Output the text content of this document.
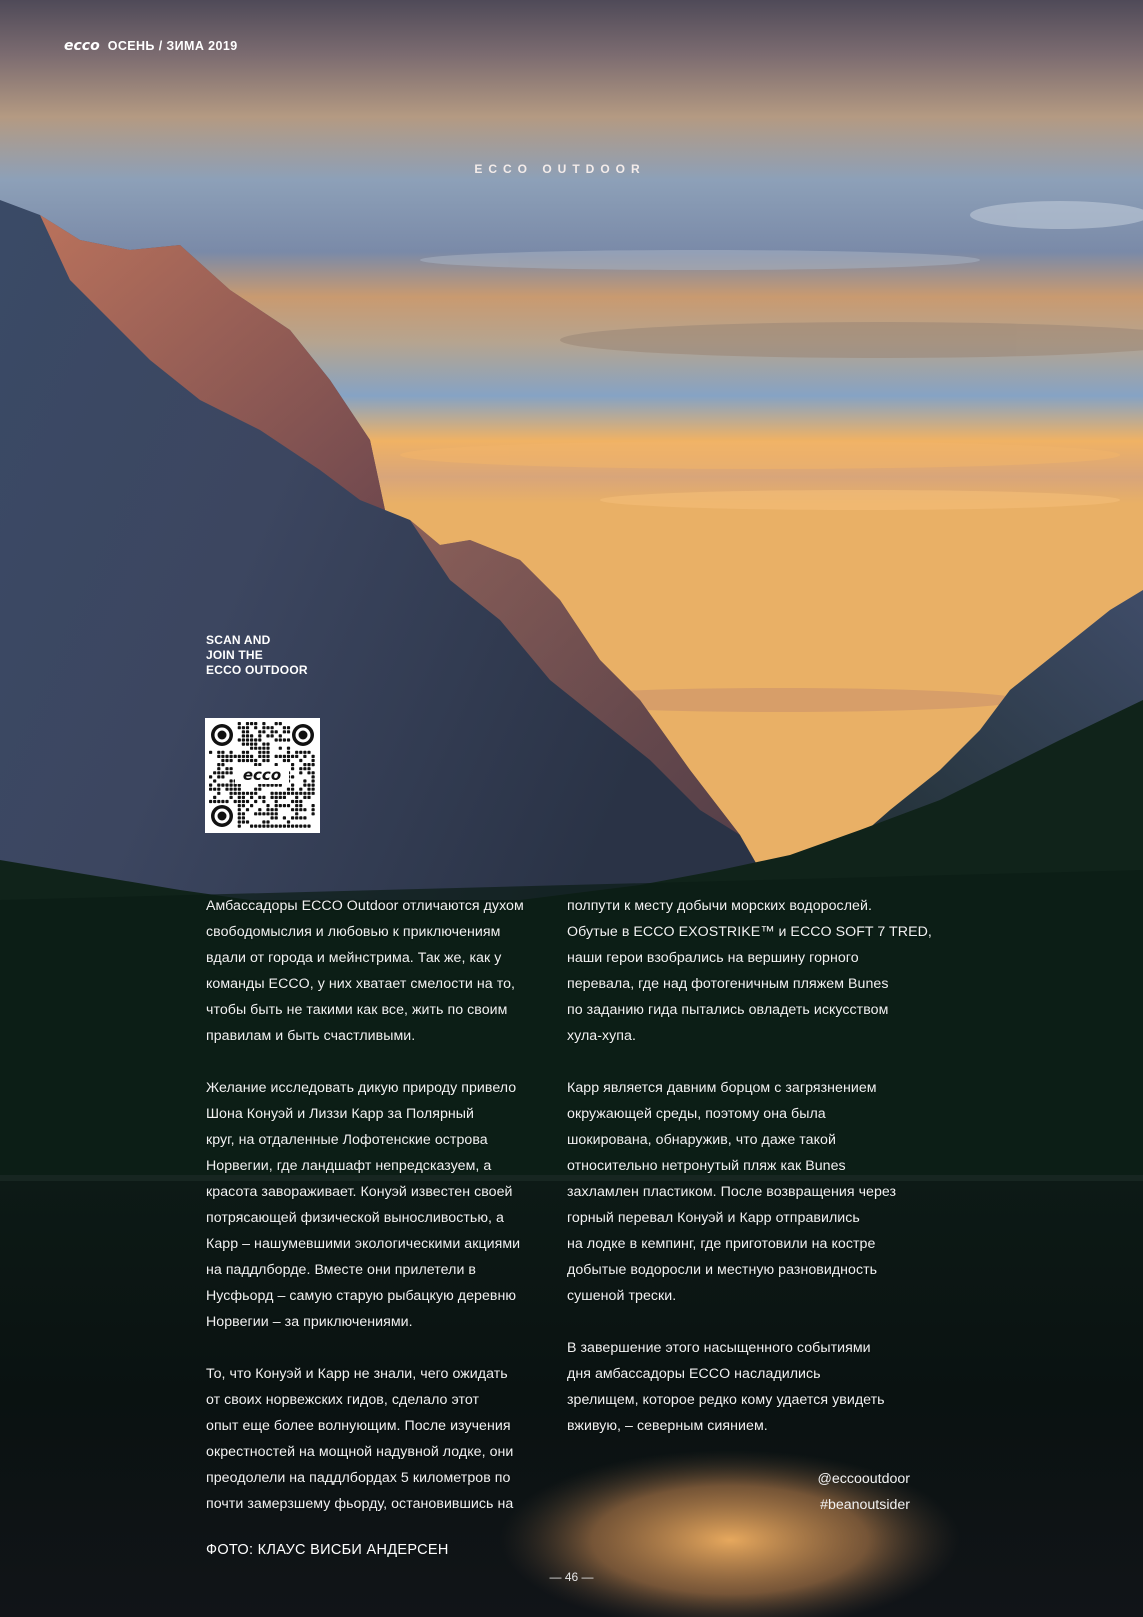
ecco ОСЕНЬ / ЗИМА 2019
ECCO OUTDOOR
SCAN AND
JOIN THE
ECCO OUTDOOR
ecco

Амбассадоры ECCO Outdoor отличаются духом
свободомыслия и любовью к приключениям
вдали от города и мейнстрима. Так же, как у
команды ECCO, у них хватает смелости на то,
чтобы быть не такими как все, жить по своим
правилам и быть счастливыми.

Желание исследовать дикую природу привело
Шона Конуэй и Лиззи Карр за Полярный
круг, на отдаленные Лофотенские острова
Норвегии, где ландшафт непредсказуем, а
красота завораживает. Конуэй известен своей
потрясающей физической выносливостью, а
Карр – нашумевшими экологическими акциями
на паддлборде. Вместе они прилетели в
Нусфьорд – самую старую рыбацкую деревню
Норвегии – за приключениями.

То, что Конуэй и Карр не знали, чего ожидать
от своих норвежских гидов, сделало этот
опыт еще более волнующим. После изучения
окрестностей на мощной надувной лодке, они
преодолели на паддлбордах 5 километров по
почти замерзшему фьорду, остановившись на

полпути к месту добычи морских водорослей.
Обутые в ECCO EXOSTRIKE™ и ECCO SOFT 7 TRED,
наши герои взобрались на вершину горного
перевала, где над фотогеничным пляжем Bunes
по заданию гида пытались овладеть искусством
хула-хупа.

Карр является давним борцом с загрязнением
окружающей среды, поэтому она была
шокирована, обнаружив, что даже такой
относительно нетронутый пляж как Bunes
захламлен пластиком. После возвращения через
горный перевал Конуэй и Карр отправились
на лодке в кемпинг, где приготовили на костре
добытые водоросли и местную разновидность
сушеной трески.

В завершение этого насыщенного событиями
дня амбассадоры ECCO насладились
зрелищем, которое редко кому удается увидеть
вживую, – северным сиянием.

@eccooutdoor
#beanoutsider
ФОТО: КЛАУС ВИСБИ АНДЕРСЕН
— 46 —
